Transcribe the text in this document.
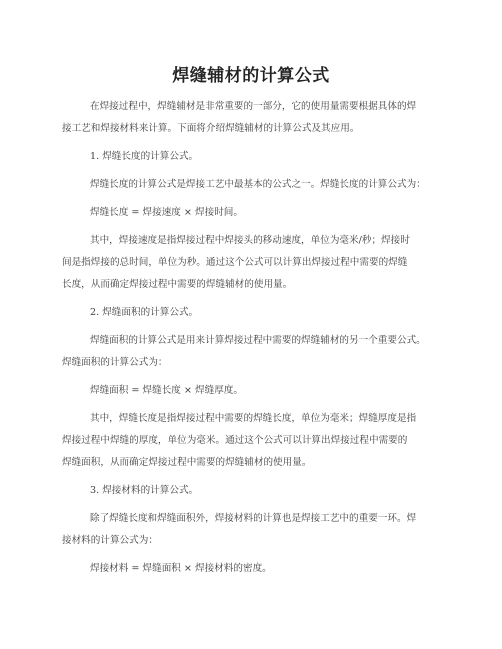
焊缝辅材的计算公式
在焊接过程中，焊缝辅材是非常重要的一部分，它的使用量需要根据具体的焊
接工艺和焊接材料来计算。下面将介绍焊缝辅材的计算公式及其应用。
1. 焊缝长度的计算公式。
焊缝长度的计算公式是焊接工艺中最基本的公式之一。焊缝长度的计算公式为：
焊缝长度 = 焊接速度 × 焊接时间。
其中，焊接速度是指焊接过程中焊接头的移动速度，单位为毫米/秒；焊接时
间是指焊接的总时间，单位为秒。通过这个公式可以计算出焊接过程中需要的焊缝
长度，从而确定焊接过程中需要的焊缝辅材的使用量。
2. 焊缝面积的计算公式。
焊缝面积的计算公式是用来计算焊接过程中需要的焊缝辅材的另一个重要公式。
焊缝面积的计算公式为：
焊缝面积 = 焊缝长度 × 焊缝厚度。
其中，焊缝长度是指焊接过程中需要的焊缝长度，单位为毫米；焊缝厚度是指
焊接过程中焊缝的厚度，单位为毫米。通过这个公式可以计算出焊接过程中需要的
焊缝面积，从而确定焊接过程中需要的焊缝辅材的使用量。
3. 焊接材料的计算公式。
除了焊缝长度和焊缝面积外，焊接材料的计算也是焊接工艺中的重要一环。焊
接材料的计算公式为：
焊接材料 = 焊缝面积 × 焊接材料的密度。
